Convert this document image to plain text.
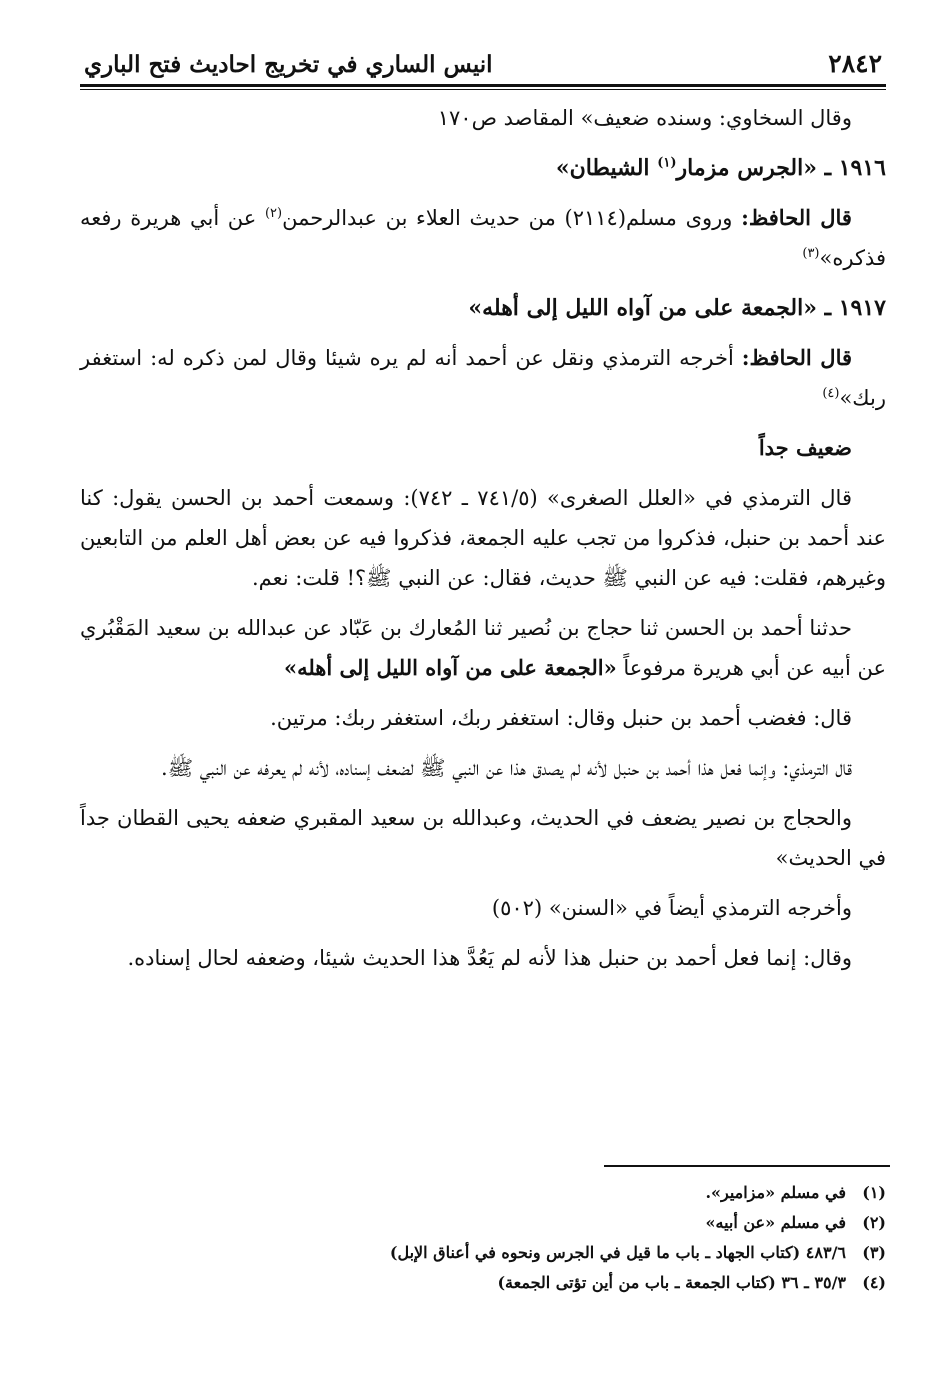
٢٨٤٢
انيس الساري في تخريج احاديث فتح الباري

وقال السخاوي: وسنده ضعيف» المقاصد ص١٧٠

١٩١٦ ـ «الجرس مزمار$^{(١)}$ الشيطان»

قال الحافظ: وروى مسلم(٢١١٤) من حديث العلاء بن عبدالرحمن$^{(٢)}$ عن أبي هريرة رفعه فذكره»$^{(٣)}$

١٩١٧ ـ «الجمعة على من آواه الليل إلى أهله»

قال الحافظ: أخرجه الترمذي ونقل عن أحمد أنه لم يره شيئا وقال لمن ذكره له: استغفر ربك»$^{(٤)}$

ضعيف جداً

قال الترمذي في «العلل الصغرى» (٧٤١/٥ ـ ٧٤٢): وسمعت أحمد بن الحسن يقول: كنا عند أحمد بن حنبل، فذكروا من تجب عليه الجمعة، فذكروا فيه عن بعض أهل العلم من التابعين وغيرهم، فقلت: فيه عن النبي ﷺ حديث، فقال: عن النبي ﷺ؟! قلت: نعم.

حدثنا أحمد بن الحسن ثنا حجاج بن نُصير ثنا المُعارك بن عَبّاد عن عبدالله بن سعيد المَقْبُري عن أبيه عن أبي هريرة مرفوعاً «الجمعة على من آواه الليل إلى أهله»

قال: فغضب أحمد بن حنبل وقال: استغفر ربك، استغفر ربك: مرتين.

قال الترمذي: وإنما فعل هذا أحمد بن حنبل لأنه لم يصدق هذا عن النبي ﷺ لضعف إسناده، لأنه لم يعرفه عن النبي ﷺ.

والحجاج بن نصير يضعف في الحديث، وعبدالله بن سعيد المقبري ضعفه يحيى القطان جداً في الحديث»

وأخرجه الترمذي أيضاً في «السنن» (٥٠٢)

وقال: إنما فعل أحمد بن حنبل هذا لأنه لم يَعُدَّ هذا الحديث شيئا، وضعفه لحال إسناده.

(١)
في مسلم «مزامير».
(٢)
في مسلم «عن أبيه»
(٣)
٤٨٣/٦ (كتاب الجهاد ـ باب ما قيل في الجرس ونحوه في أعناق الإبل)
(٤)
٣٥/٣ ـ ٣٦ (كتاب الجمعة ـ باب من أين تؤتى الجمعة)
